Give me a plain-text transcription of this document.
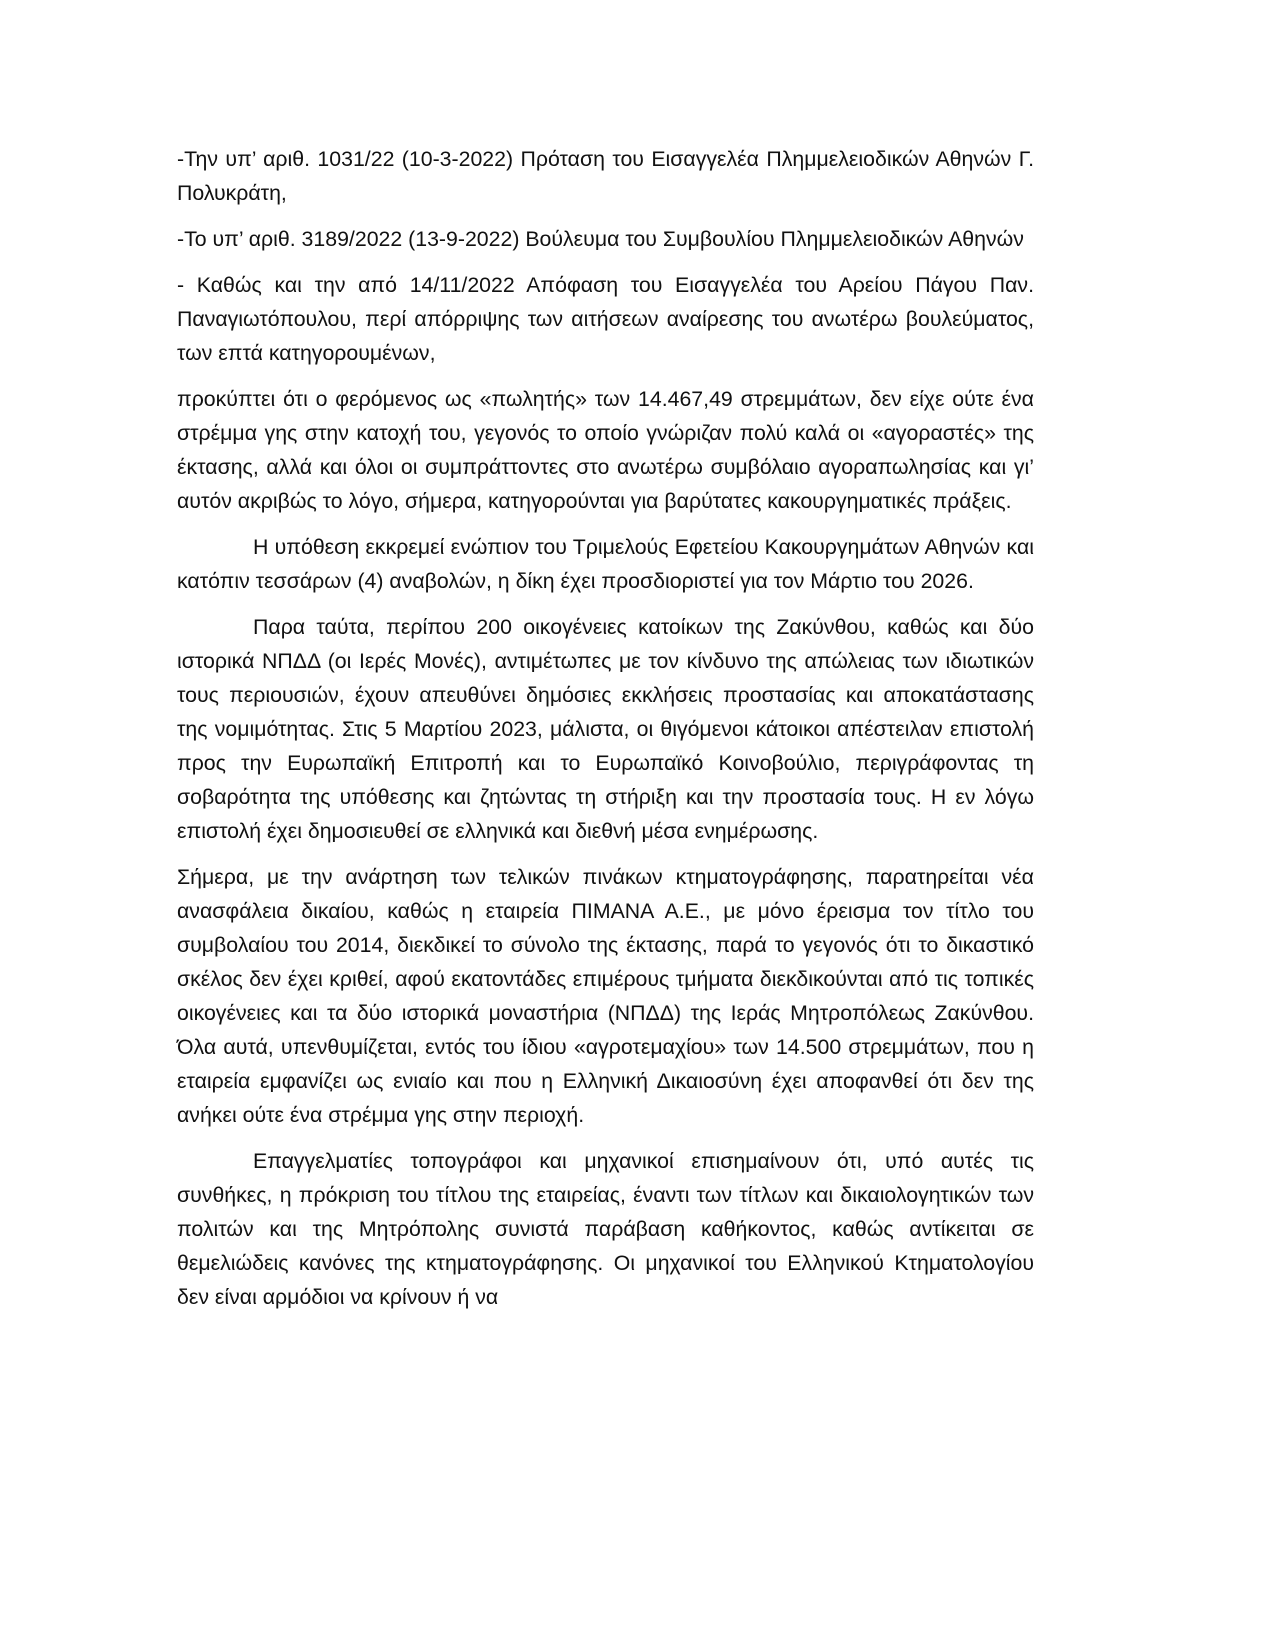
-Την υπ’ αριθ. 1031/22 (10-3-2022) Πρόταση του Εισαγγελέα Πλημμελειοδικών Αθηνών Γ. Πολυκράτη,

-Το υπ’ αριθ. 3189/2022 (13-9-2022) Βούλευμα του Συμβουλίου Πλημμελειοδικών Αθηνών

- Καθώς και την από 14/11/2022 Απόφαση του Εισαγγελέα του Αρείου Πάγου Παν. Παναγιωτόπουλου, περί απόρριψης των αιτήσεων αναίρεσης του ανωτέρω βουλεύματος, των επτά κατηγορουμένων,

προκύπτει ότι ο φερόμενος ως «πωλητής» των 14.467,49 στρεμμάτων, δεν είχε ούτε ένα στρέμμα γης στην κατοχή του, γεγονός το οποίο γνώριζαν πολύ καλά οι «αγοραστές» της έκτασης, αλλά και όλοι οι συμπράττοντες στο ανωτέρω συμβόλαιο αγοραπωλησίας και γι’ αυτόν ακριβώς το λόγο, σήμερα, κατηγορούνται για βαρύτατες κακουργηματικές πράξεις.

Η υπόθεση εκκρεμεί ενώπιον του Τριμελούς Εφετείου Κακουργημάτων Αθηνών και κατόπιν τεσσάρων (4) αναβολών, η δίκη έχει προσδιοριστεί για τον Μάρτιο του 2026.

Παρα ταύτα, περίπου 200 οικογένειες κατοίκων της Ζακύνθου, καθώς και δύο ιστορικά ΝΠΔΔ (οι Ιερές Μονές), αντιμέτωπες με τον κίνδυνο της απώλειας των ιδιωτικών τους περιουσιών, έχουν απευθύνει δημόσιες εκκλήσεις προστασίας και αποκατάστασης της νομιμότητας. Στις 5 Μαρτίου 2023, μάλιστα, οι θιγόμενοι κάτοικοι απέστειλαν επιστολή προς την Ευρωπαϊκή Επιτροπή και το Ευρωπαϊκό Κοινοβούλιο, περιγράφοντας τη σοβαρότητα της υπόθεσης και ζητώντας τη στήριξη και την προστασία τους. Η εν λόγω επιστολή έχει δημοσιευθεί σε ελληνικά και διεθνή μέσα ενημέρωσης.

Σήμερα, με την ανάρτηση των τελικών πινάκων κτηματογράφησης, παρατηρείται νέα ανασφάλεια δικαίου, καθώς η εταιρεία ΠΙΜΑΝΑ Α.Ε., με μόνο έρεισμα τον τίτλο του συμβολαίου του 2014, διεκδικεί το σύνολο της έκτασης, παρά το γεγονός ότι το δικαστικό σκέλος δεν έχει κριθεί, αφού εκατοντάδες επιμέρους τμήματα διεκδικούνται από τις τοπικές οικογένειες και τα δύο ιστορικά μοναστήρια (ΝΠΔΔ) της Ιεράς Μητροπόλεως Ζακύνθου. Όλα αυτά, υπενθυμίζεται, εντός του ίδιου «αγροτεμαχίου» των 14.500 στρεμμάτων, που η εταιρεία εμφανίζει ως ενιαίο και που η Ελληνική Δικαιοσύνη έχει αποφανθεί ότι δεν της ανήκει ούτε ένα στρέμμα γης στην περιοχή.

Επαγγελματίες τοπογράφοι και μηχανικοί επισημαίνουν ότι, υπό αυτές τις συνθήκες, η πρόκριση του τίτλου της εταιρείας, έναντι των τίτλων και δικαιολογητικών των πολιτών και της Μητρόπολης συνιστά παράβαση καθήκοντος, καθώς αντίκειται σε θεμελιώδεις κανόνες της κτηματογράφησης. Οι μηχανικοί του Ελληνικού Κτηματολογίου δεν είναι αρμόδιοι να κρίνουν ή να
